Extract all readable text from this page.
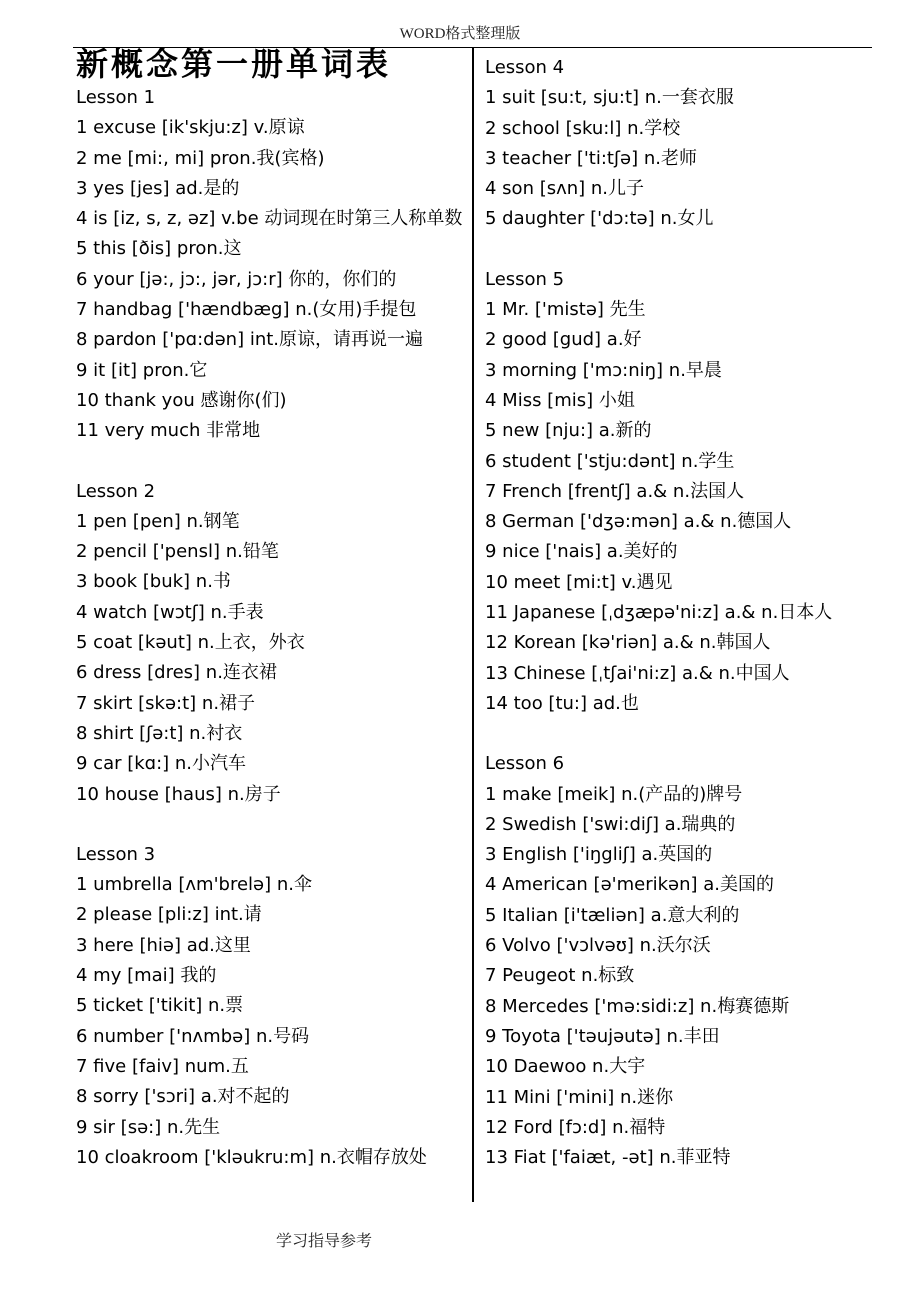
WORD格式整理版
新概念第一册单词表
Lesson 1
1 excuse [ik'skju:z] v.原谅
2 me [mi:, mi] pron.我(宾格)
3 yes [jes] ad.是的
4 is [iz, s, z, əz] v.be 动词现在时第三人称单数
5 this [ðis] pron.这
6 your [jə:, jɔ:, jər, jɔ:r] 你的，你们的
7 handbag ['hændbæg] n.(女用)手提包
8 pardon ['pɑ:dən] int.原谅，请再说一遍
9 it [it] pron.它
10 thank you 感谢你(们)
11 very much 非常地
Lesson 2
1 pen [pen] n.钢笔
2 pencil ['pensl] n.铅笔
3 book [buk] n.书
4 watch [wɔtʃ] n.手表
5 coat [kəut] n.上衣，外衣
6 dress [dres] n.连衣裙
7 skirt [skə:t] n.裙子
8 shirt [ʃə:t] n.衬衣
9 car [kɑ:] n.小汽车
10 house [haus] n.房子
Lesson 3
1 umbrella [ʌm'brelə] n.伞
2 please [pli:z] int.请
3 here [hiə] ad.这里
4 my [mai] 我的
5 ticket ['tikit] n.票
6 number ['nʌmbə] n.号码
7 five [faiv] num.五
8 sorry ['sɔri] a.对不起的
9 sir [sə:] n.先生
10 cloakroom ['kləukru:m] n.衣帽存放处
Lesson 4
1 suit [su:t, sju:t] n.一套衣服
2 school [sku:l] n.学校
3 teacher ['ti:tʃə] n.老师
4 son [sʌn] n.儿子
5 daughter ['dɔ:tə] n.女儿
Lesson 5
1 Mr. ['mistə] 先生
2 good [gud] a.好
3 morning ['mɔ:niŋ] n.早晨
4 Miss [mis] 小姐
5 new [nju:] a.新的
6 student ['stju:dənt] n.学生
7 French [frentʃ] a.& n.法国人
8 German ['dʒə:mən] a.& n.德国人
9 nice ['nais] a.美好的
10 meet [mi:t] v.遇见
11 Japanese [ˌdʒæpə'ni:z] a.& n.日本人
12 Korean [kə'riən] a.& n.韩国人
13 Chinese [ˌtʃai'ni:z] a.& n.中国人
14 too [tu:] ad.也
Lesson 6
1 make [meik] n.(产品的)牌号
2 Swedish ['swi:diʃ] a.瑞典的
3 English ['iŋgliʃ] a.英国的
4 American [ə'merikən] a.美国的
5 Italian [i'tæliən] a.意大利的
6 Volvo ['vɔlvəʊ] n.沃尔沃
7 Peugeot n.标致
8 Mercedes ['mə:sidi:z] n.梅赛德斯
9 Toyota ['təujəutə] n.丰田
10 Daewoo n.大宇
11 Mini ['mini] n.迷你
12 Ford [fɔ:d] n.福特
13 Fiat ['faiæt, -ət] n.菲亚特
学习指导参考
